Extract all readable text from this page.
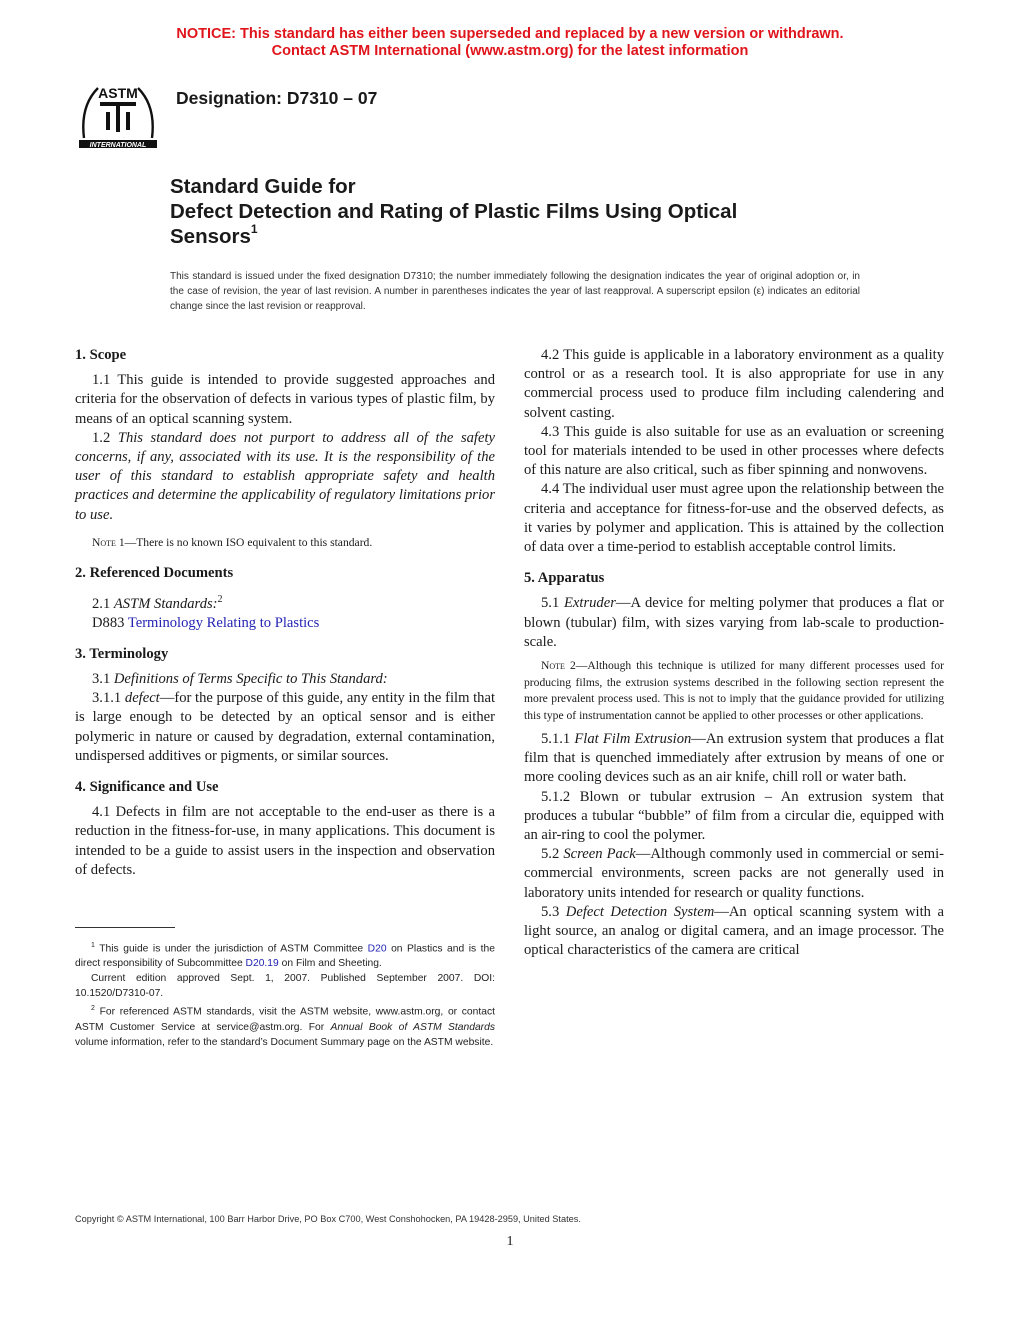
NOTICE: This standard has either been superseded and replaced by a new version or withdrawn.
Contact ASTM International (www.astm.org) for the latest information
ASTM
INTERNATIONAL
Designation: D7310 – 07
Standard Guide for
Defect Detection and Rating of Plastic Films Using Optical
Sensors$^1$
This standard is issued under the fixed designation D7310; the number immediately following the designation indicates the year of original adoption or, in the case of revision, the year of last revision. A number in parentheses indicates the year of last reapproval. A superscript epsilon (ε) indicates an editorial change since the last revision or reapproval.

1. Scope

1.1 This guide is intended to provide suggested approaches and criteria for the observation of defects in various types of plastic film, by means of an optical scanning system.

1.2 This standard does not purport to address all of the safety concerns, if any, associated with its use. It is the responsibility of the user of this standard to establish appropriate safety and health practices and determine the applicability of regulatory limitations prior to use.

Note 1—There is no known ISO equivalent to this standard.

2. Referenced Documents

2.1 ASTM Standards:$^2$

D883 Terminology Relating to Plastics

3. Terminology

3.1 Definitions of Terms Specific to This Standard:

3.1.1 defect—for the purpose of this guide, any entity in the film that is large enough to be detected by an optical sensor and is either polymeric in nature or caused by degradation, external contamination, undispersed additives or pigments, or similar sources.

4. Significance and Use

4.1 Defects in film are not acceptable to the end-user as there is a reduction in the fitness-for-use, in many applications. This document is intended to be a guide to assist users in the inspection and observation of defects.

4.2 This guide is applicable in a laboratory environment as a quality control or as a research tool. It is also appropriate for use in any commercial process used to produce film including calendering and solvent casting.

4.3 This guide is also suitable for use as an evaluation or screening tool for materials intended to be used in other processes where defects of this nature are also critical, such as fiber spinning and nonwovens.

4.4 The individual user must agree upon the relationship between the criteria and acceptance for fitness-for-use and the observed defects, as it varies by polymer and application. This is attained by the collection of data over a time-period to establish acceptable control limits.

5. Apparatus

5.1 Extruder—A device for melting polymer that produces a flat or blown (tubular) film, with sizes varying from lab-scale to production-scale.

Note 2—Although this technique is utilized for many different processes used for producing films, the extrusion systems described in the following section represent the more prevalent process used. This is not to imply that the guidance provided for utilizing this type of instrumentation cannot be applied to other processes or other applications.

5.1.1 Flat Film Extrusion—An extrusion system that produces a flat film that is quenched immediately after extrusion by means of one or more cooling devices such as an air knife, chill roll or water bath.

5.1.2 Blown or tubular extrusion – An extrusion system that produces a tubular “bubble” of film from a circular die, equipped with an air-ring to cool the polymer.

5.2 Screen Pack—Although commonly used in commercial or semi-commercial environments, screen packs are not generally used in laboratory units intended for research or quality functions.

5.3 Defect Detection System—An optical scanning system with a light source, an analog or digital camera, and an image processor. The optical characteristics of the camera are critical

$^1$ This guide is under the jurisdiction of ASTM Committee D20 on Plastics and is the direct responsibility of Subcommittee D20.19 on Film and Sheeting.

Current edition approved Sept. 1, 2007. Published September 2007. DOI: 10.1520/D7310-07.

$^2$ For referenced ASTM standards, visit the ASTM website, www.astm.org, or contact ASTM Customer Service at service@astm.org. For Annual Book of ASTM Standards volume information, refer to the standard’s Document Summary page on the ASTM website.

Copyright © ASTM International, 100 Barr Harbor Drive, PO Box C700, West Conshohocken, PA 19428-2959, United States.
1
